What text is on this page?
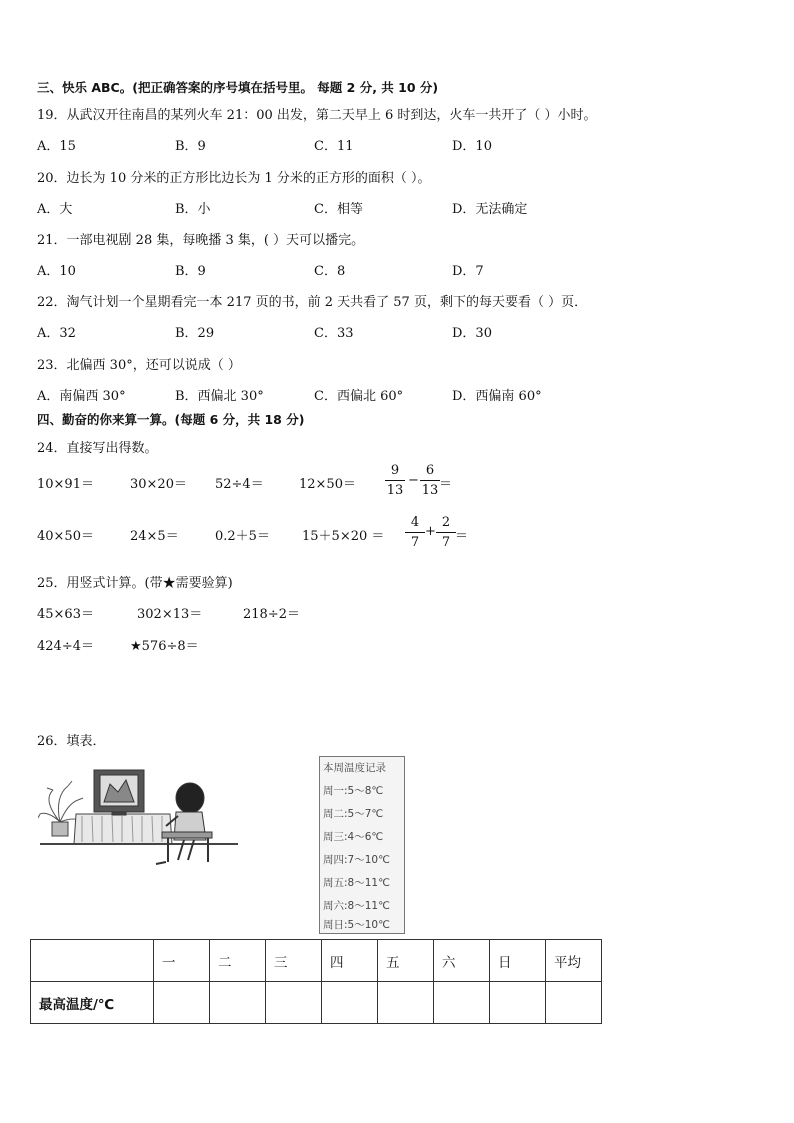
三、快乐 ABC。(把正确答案的序号填在括号里。 每题 2 分, 共 10 分)
19．从武汉开往南昌的某列火车 21：00 出发，第二天早上 6 时到达，火车一共开了（ ）小时。
A．15	B．9	C．11	D．10
20．边长为 10 分米的正方形比边长为 1 分米的正方形的面积（ ）。
A．大	B．小	C．相等	D．无法确定
21．一部电视剧 28 集，每晚播 3 集，( ）天可以播完。
A．10	B．9	C．8	D．7
22．淘气计划一个星期看完一本 217 页的书，前 2 天共看了 57 页，剩下的每天要看（ ）页．
A．32	B．29	C．33	D．30
23．北偏西 30°，还可以说成（ ）
A．南偏西 30°	B．西偏北 30°	C．西偏北 60°	D．西偏南 60°
四、勤奋的你来算一算。(每题 6 分，共 18 分)
24．直接写出得数。
10×91＝	30×20＝ 52÷4＝	12×50＝
9
13
−
6
13 ＝
40×50＝	24×5＝	0.2＋5＝ 15＋5×20 ＝
4
7
+
2
7 ＝
25．用竖式计算。(带★需要验算)
45×63＝	302×13＝	218÷2＝
424÷4＝	★576÷8＝
26．填表．
本周温度记录
周一:5～8℃
周二:5～7℃
周三:4～6℃
周四:7～10℃
周五:8～11℃
周六:8～11℃
周日:5～10℃
	一	二	三	四	五	六	日	平均
最高温度/℃								
